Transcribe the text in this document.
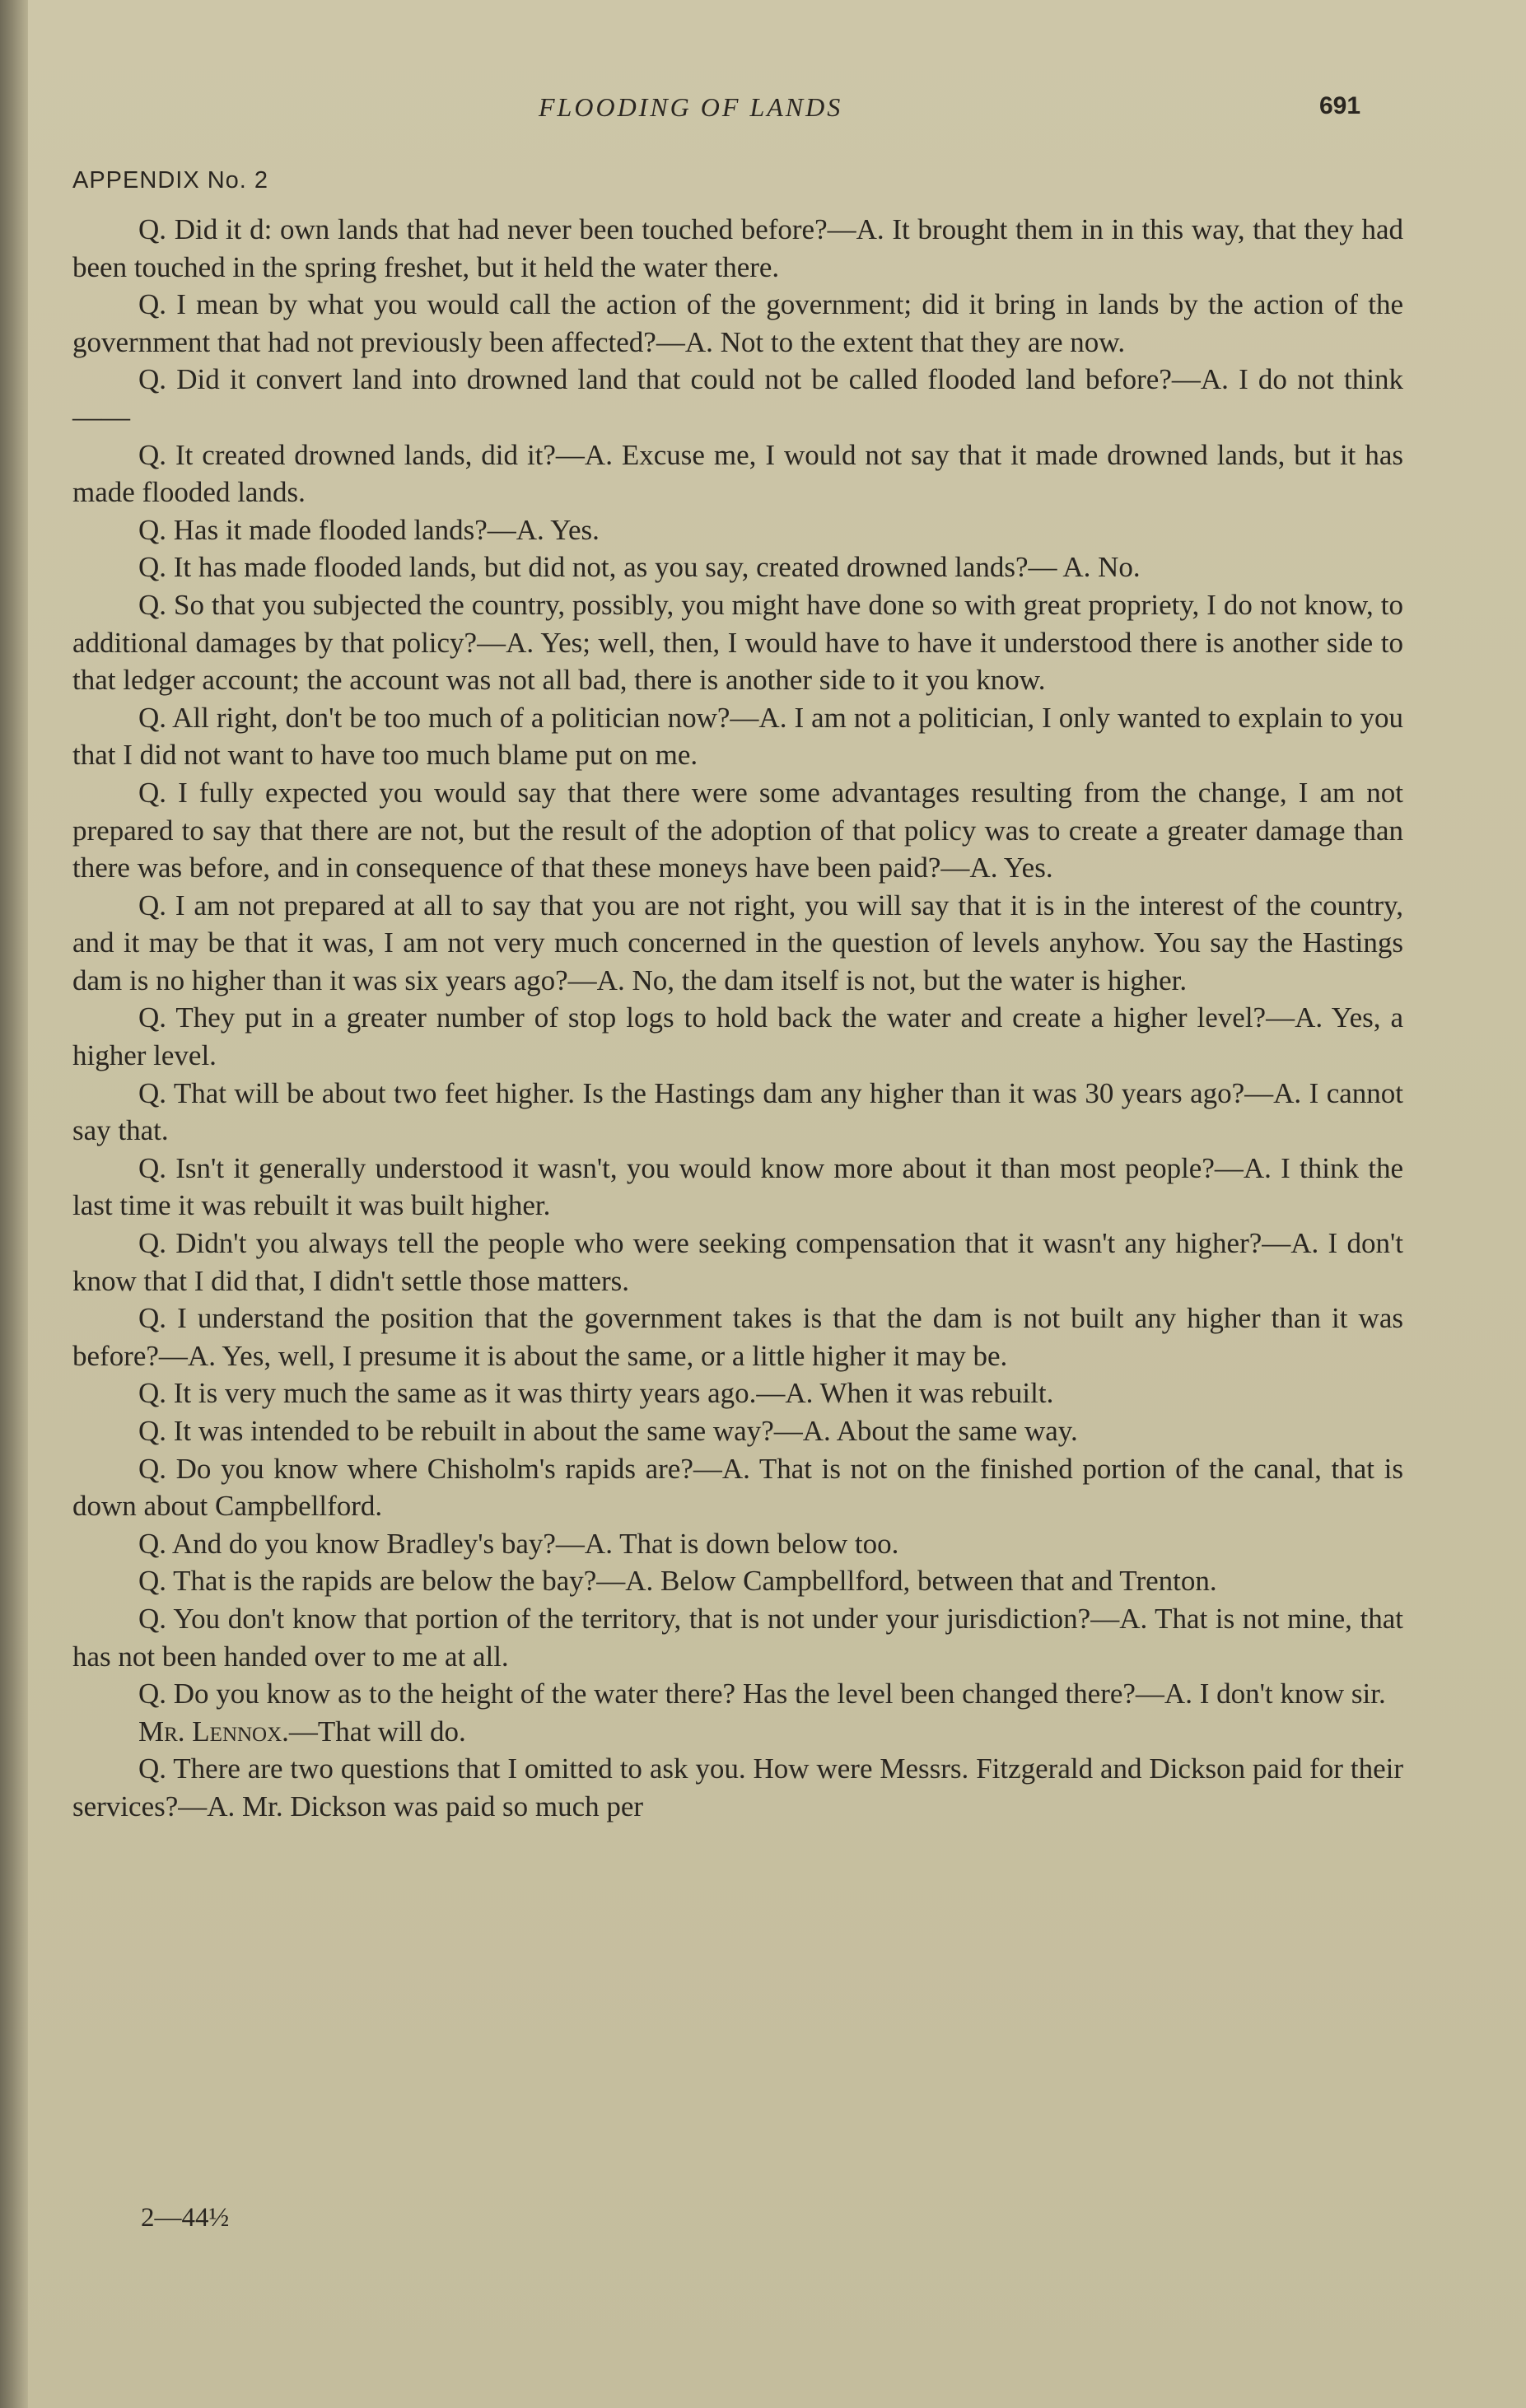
FLOODING OF LANDS	691
APPENDIX No. 2

Q. Did it d: own lands that had never been touched before?—A. It brought them in in this way, that they had been touched in the spring freshet, but it held the water there.

Q. I mean by what you would call the action of the government; did it bring in lands by the action of the government that had not previously been affected?—A. Not to the extent that they are now.

Q. Did it convert land into drowned land that could not be called flooded land before?—A. I do not think——

Q. It created drowned lands, did it?—A. Excuse me, I would not say that it made drowned lands, but it has made flooded lands.

Q. Has it made flooded lands?—A. Yes.

Q. It has made flooded lands, but did not, as you say, created drowned lands?— A. No.

Q. So that you subjected the country, possibly, you might have done so with great propriety, I do not know, to additional damages by that policy?—A. Yes; well, then, I would have to have it understood there is another side to that ledger account; the account was not all bad, there is another side to it you know.

Q. All right, don't be too much of a politician now?—A. I am not a politician, I only wanted to explain to you that I did not want to have too much blame put on me.

Q. I fully expected you would say that there were some advantages resulting from the change, I am not prepared to say that there are not, but the result of the adoption of that policy was to create a greater damage than there was before, and in consequence of that these moneys have been paid?—A. Yes.

Q. I am not prepared at all to say that you are not right, you will say that it is in the interest of the country, and it may be that it was, I am not very much concerned in the question of levels anyhow. You say the Hastings dam is no higher than it was six years ago?—A. No, the dam itself is not, but the water is higher.

Q. They put in a greater number of stop logs to hold back the water and create a higher level?—A. Yes, a higher level.

Q. That will be about two feet higher. Is the Hastings dam any higher than it was 30 years ago?—A. I cannot say that.

Q. Isn't it generally understood it wasn't, you would know more about it than most people?—A. I think the last time it was rebuilt it was built higher.

Q. Didn't you always tell the people who were seeking compensation that it wasn't any higher?—A. I don't know that I did that, I didn't settle those matters.

Q. I understand the position that the government takes is that the dam is not built any higher than it was before?—A. Yes, well, I presume it is about the same, or a little higher it may be.

Q. It is very much the same as it was thirty years ago.—A. When it was rebuilt.

Q. It was intended to be rebuilt in about the same way?—A. About the same way.

Q. Do you know where Chisholm's rapids are?—A. That is not on the finished portion of the canal, that is down about Campbellford.

Q. And do you know Bradley's bay?—A. That is down below too.

Q. That is the rapids are below the bay?—A. Below Campbellford, between that and Trenton.

Q. You don't know that portion of the territory, that is not under your jurisdiction?—A. That is not mine, that has not been handed over to me at all.

Q. Do you know as to the height of the water there? Has the level been changed there?—A. I don't know sir.

Mr. Lennox.—That will do.

Q. There are two questions that I omitted to ask you. How were Messrs. Fitzgerald and Dickson paid for their services?—A. Mr. Dickson was paid so much per

2—44½
